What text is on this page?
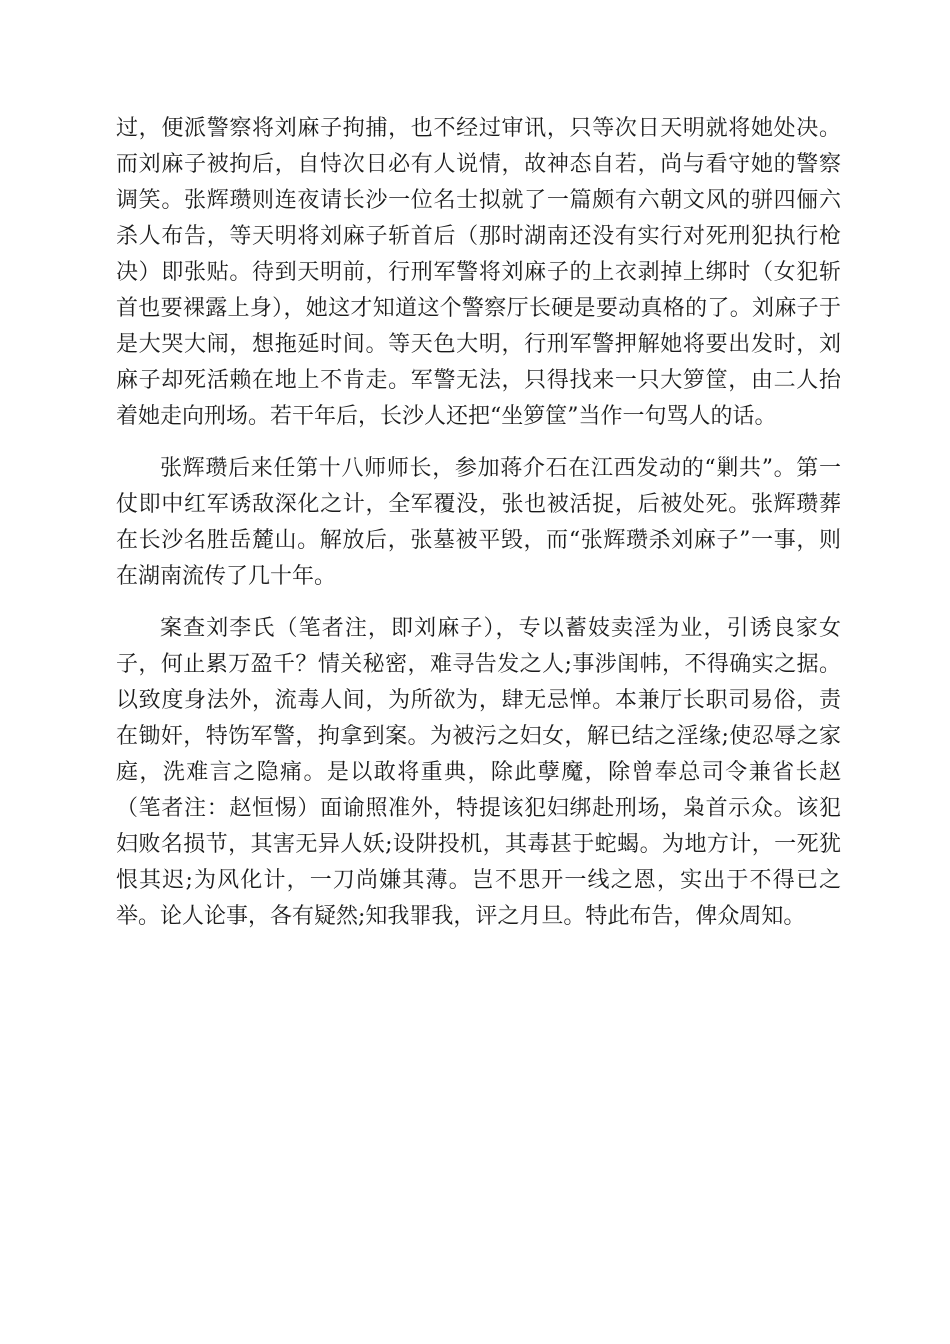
过，便派警察将刘麻子拘捕，也不经过审讯，只等次日天明就将她处决。而刘麻子被拘后，自恃次日必有人说情，故神态自若，尚与看守她的警察调笑。张辉瓒则连夜请长沙一位名士拟就了一篇颇有六朝文风的骈四俪六杀人布告，等天明将刘麻子斩首后（那时湖南还没有实行对死刑犯执行枪决）即张贴。待到天明前，行刑军警将刘麻子的上衣剥掉上绑时（女犯斩首也要裸露上身），她这才知道这个警察厅长硬是要动真格的了。刘麻子于是大哭大闹，想拖延时间。等天色大明，行刑军警押解她将要出发时，刘麻子却死活赖在地上不肯走。军警无法，只得找来一只大箩筐，由二人抬着她走向刑场。若干年后，长沙人还把“坐箩筐”当作一句骂人的话。

张辉瓒后来任第十八师师长，参加蒋介石在江西发动的“剿共”。第一仗即中红军诱敌深化之计，全军覆没，张也被活捉，后被处死。张辉瓒葬在长沙名胜岳麓山。解放后，张墓被平毁，而“张辉瓒杀刘麻子”一事，则在湖南流传了几十年。

案查刘李氏（笔者注，即刘麻子），专以蓄妓卖淫为业，引诱良家女子，何止累万盈千？情关秘密，难寻告发之人;事涉闺帏，不得确实之据。以致度身法外，流毒人间，为所欲为，肆无忌惮。本兼厅长职司易俗，责在锄奸，特饬军警，拘拿到案。为被污之妇女，解已结之淫缘;使忍辱之家庭，洗难言之隐痛。是以敢将重典，除此孽魔，除曾奉总司令兼省长赵（笔者注：赵恒惕）面谕照准外，特提该犯妇绑赴刑场，枭首示众。该犯妇败名损节，其害无异人妖;设阱投机，其毒甚于蛇蝎。为地方计，一死犹恨其迟;为风化计，一刀尚嫌其薄。岂不思开一线之恩，实出于不得已之举。论人论事，各有疑然;知我罪我，评之月旦。特此布告，俾众周知。
